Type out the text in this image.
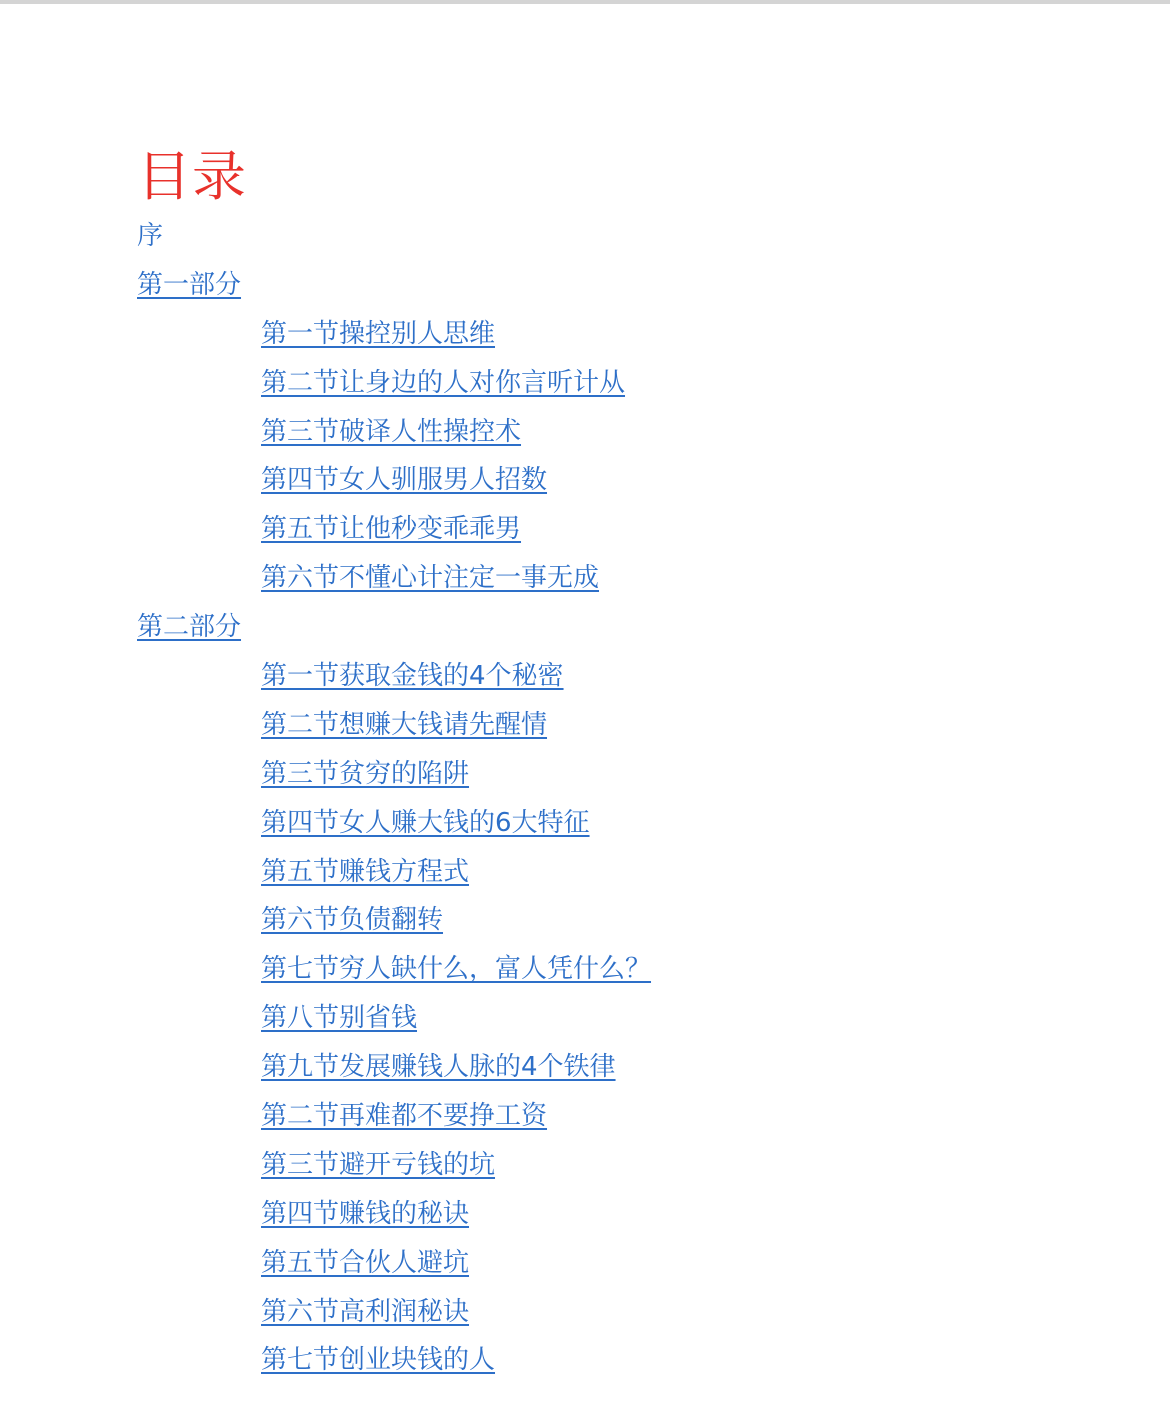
目录
序
第一部分
第一节操控别人思维
第二节让身边的人对你言听计从
第三节破译人性操控术
第四节女人驯服男人招数
第五节让他秒变乖乖男
第六节不懂心计注定一事无成
第二部分
第一节获取金钱的4个秘密
第二节想赚大钱请先醒情
第三节贫穷的陷阱
第四节女人赚大钱的6大特征
第五节赚钱方程式
第六节负债翻转
第七节穷人缺什么，富人凭什么？
第八节别省钱
第九节发展赚钱人脉的4个铁律
第二节再难都不要挣工资
第三节避开亏钱的坑
第四节赚钱的秘诀
第五节合伙人避坑
第六节高利润秘诀
第七节创业块钱的人
